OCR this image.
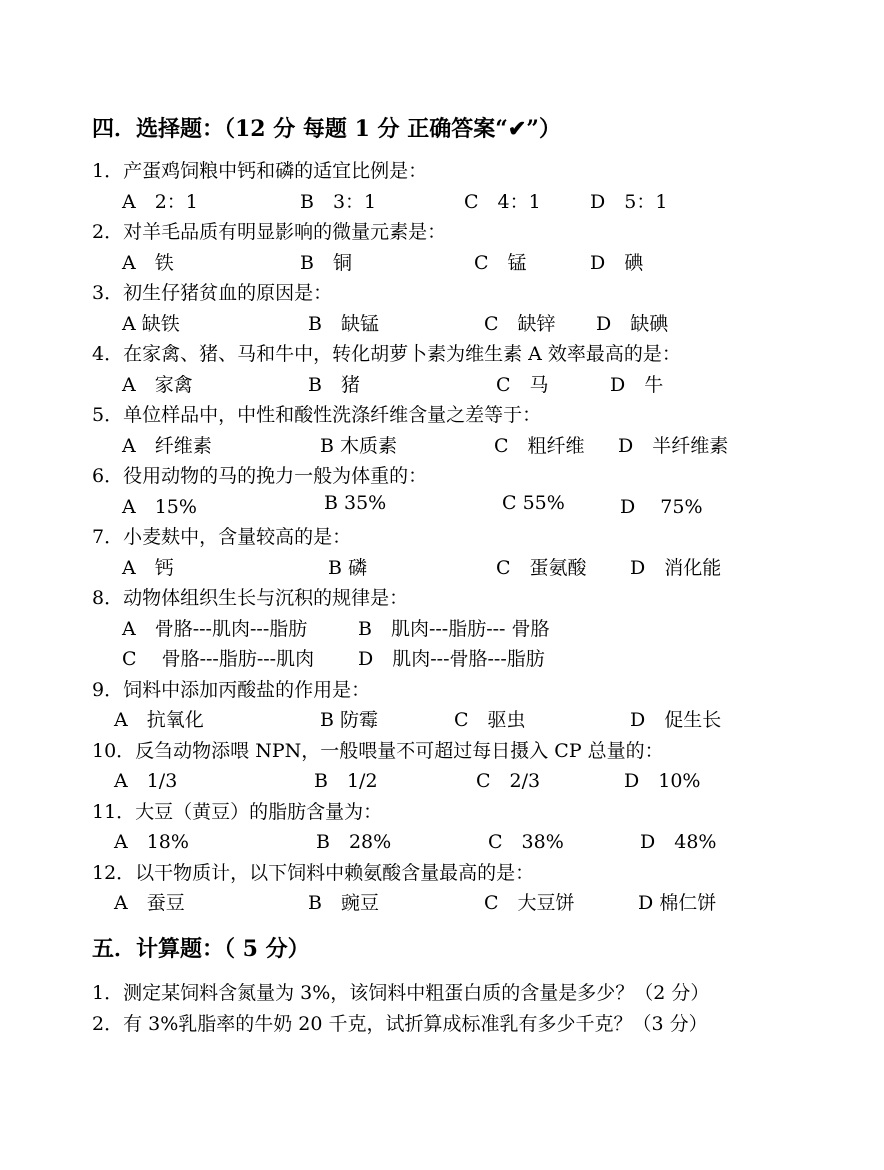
四．选择题：（12 分 每题 1 分 正确答案“✔”）
1．产蛋鸡饲粮中钙和磷的适宜比例是：
A　2：1	B　3：1	C　4：1	D　5：1
2．对羊毛品质有明显影响的微量元素是：
A　铁	B　铜	C　锰	D　碘
3．初生仔猪贫血的原因是：
A 缺铁	B　缺锰	C　缺锌 D　缺碘
4．在家禽、猪、马和牛中，转化胡萝卜素为维生素 A 效率最高的是：
A　家禽	B　猪	C　马	D　牛
5．单位样品中，中性和酸性洗涤纤维含量之差等于：
A　纤维素	B 木质素	C　粗纤维 D　半纤维素
6．役用动物的马的挽力一般为体重的：
A　15%	B 35%	C 55%	D　 75%
7．小麦麸中，含量较高的是：
A　钙	B 磷	C　蛋氨酸 D　消化能
8．动物体组织生长与沉积的规律是：
A　骨胳---肌肉---脂肪	B　肌肉---脂肪--- 骨胳
C　 骨胳---脂肪---肌肉 D　肌肉---骨胳---脂肪
9．饲料中添加丙酸盐的作用是：
A　抗氧化	B 防霉	C　驱虫	D　促生长
10．反刍动物添喂 NPN，一般喂量不可超过每日摄入 CP 总量的：
A　1/3	B　1/2	C　2/3	D　10%
11．大豆（黄豆）的脂肪含量为：
A　18%	B　28%	C　38%	D　48%
12．以干物质计，以下饲料中赖氨酸含量最高的是：
A　蚕豆	B　豌豆	C　大豆饼	D 棉仁饼
五．计算题：（ 5 分）
1．测定某饲料含氮量为 3%，该饲料中粗蛋白质的含量是多少？（2 分）
2．有 3%乳脂率的牛奶 20 千克，试折算成标准乳有多少千克？（3 分）
